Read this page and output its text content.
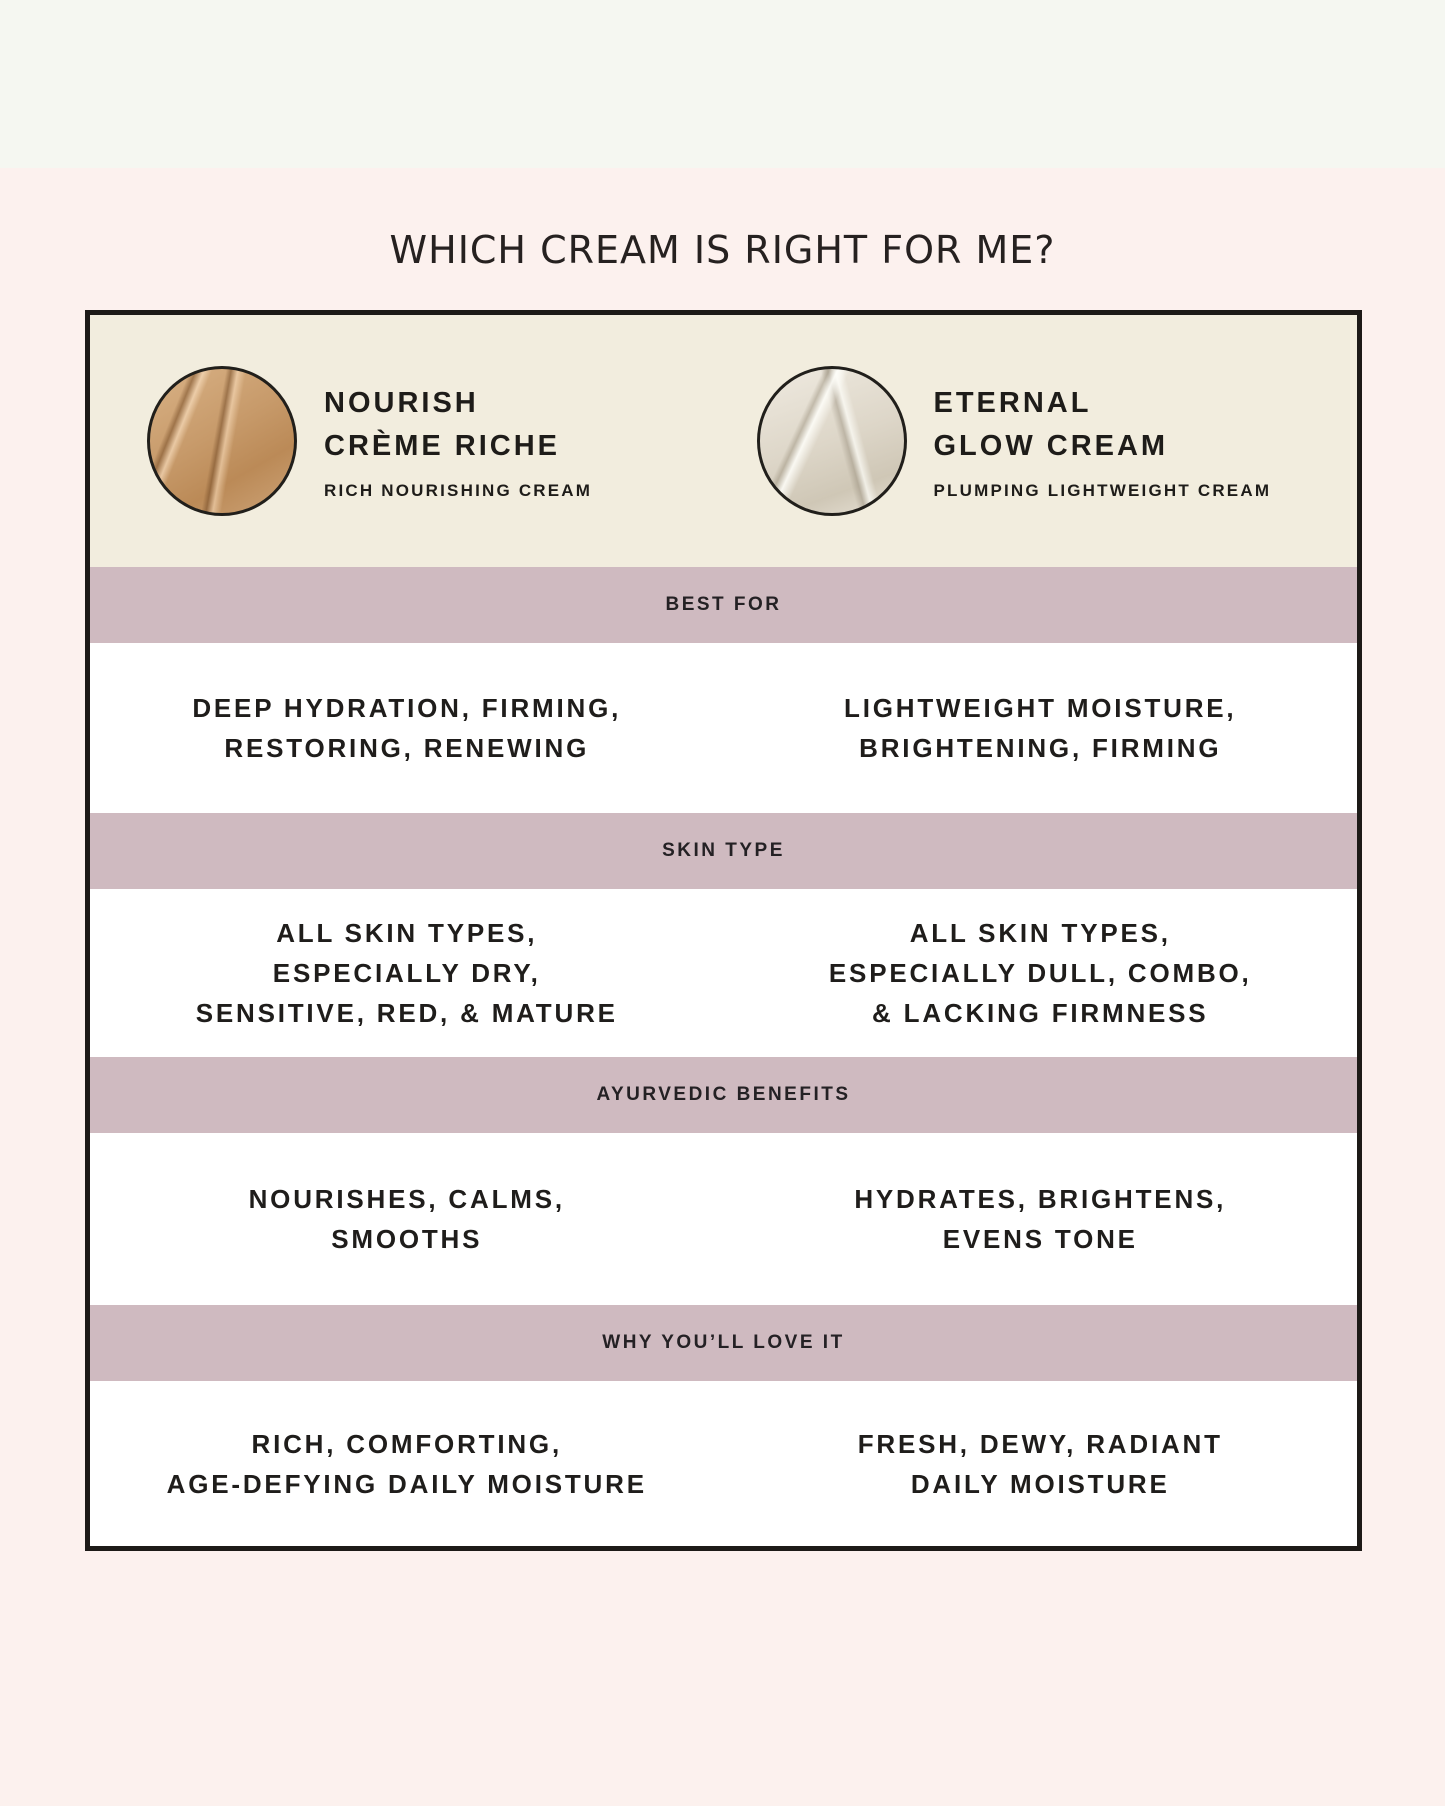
WHICH CREAM IS RIGHT FOR ME?
NOURISH
CRÈME RICHE
RICH NOURISHING CREAM
ETERNAL
GLOW CREAM
PLUMPING LIGHTWEIGHT CREAM
BEST FOR
DEEP HYDRATION, FIRMING,
RESTORING, RENEWING
LIGHTWEIGHT MOISTURE,
BRIGHTENING, FIRMING
SKIN TYPE
ALL SKIN TYPES,
ESPECIALLY DRY,
SENSITIVE, RED, & MATURE
ALL SKIN TYPES,
ESPECIALLY DULL, COMBO,
& LACKING FIRMNESS
AYURVEDIC BENEFITS
NOURISHES, CALMS,
SMOOTHS
HYDRATES, BRIGHTENS,
EVENS TONE
WHY YOU’LL LOVE IT
RICH, COMFORTING,
AGE-DEFYING DAILY MOISTURE
FRESH, DEWY, RADIANT
DAILY MOISTURE
